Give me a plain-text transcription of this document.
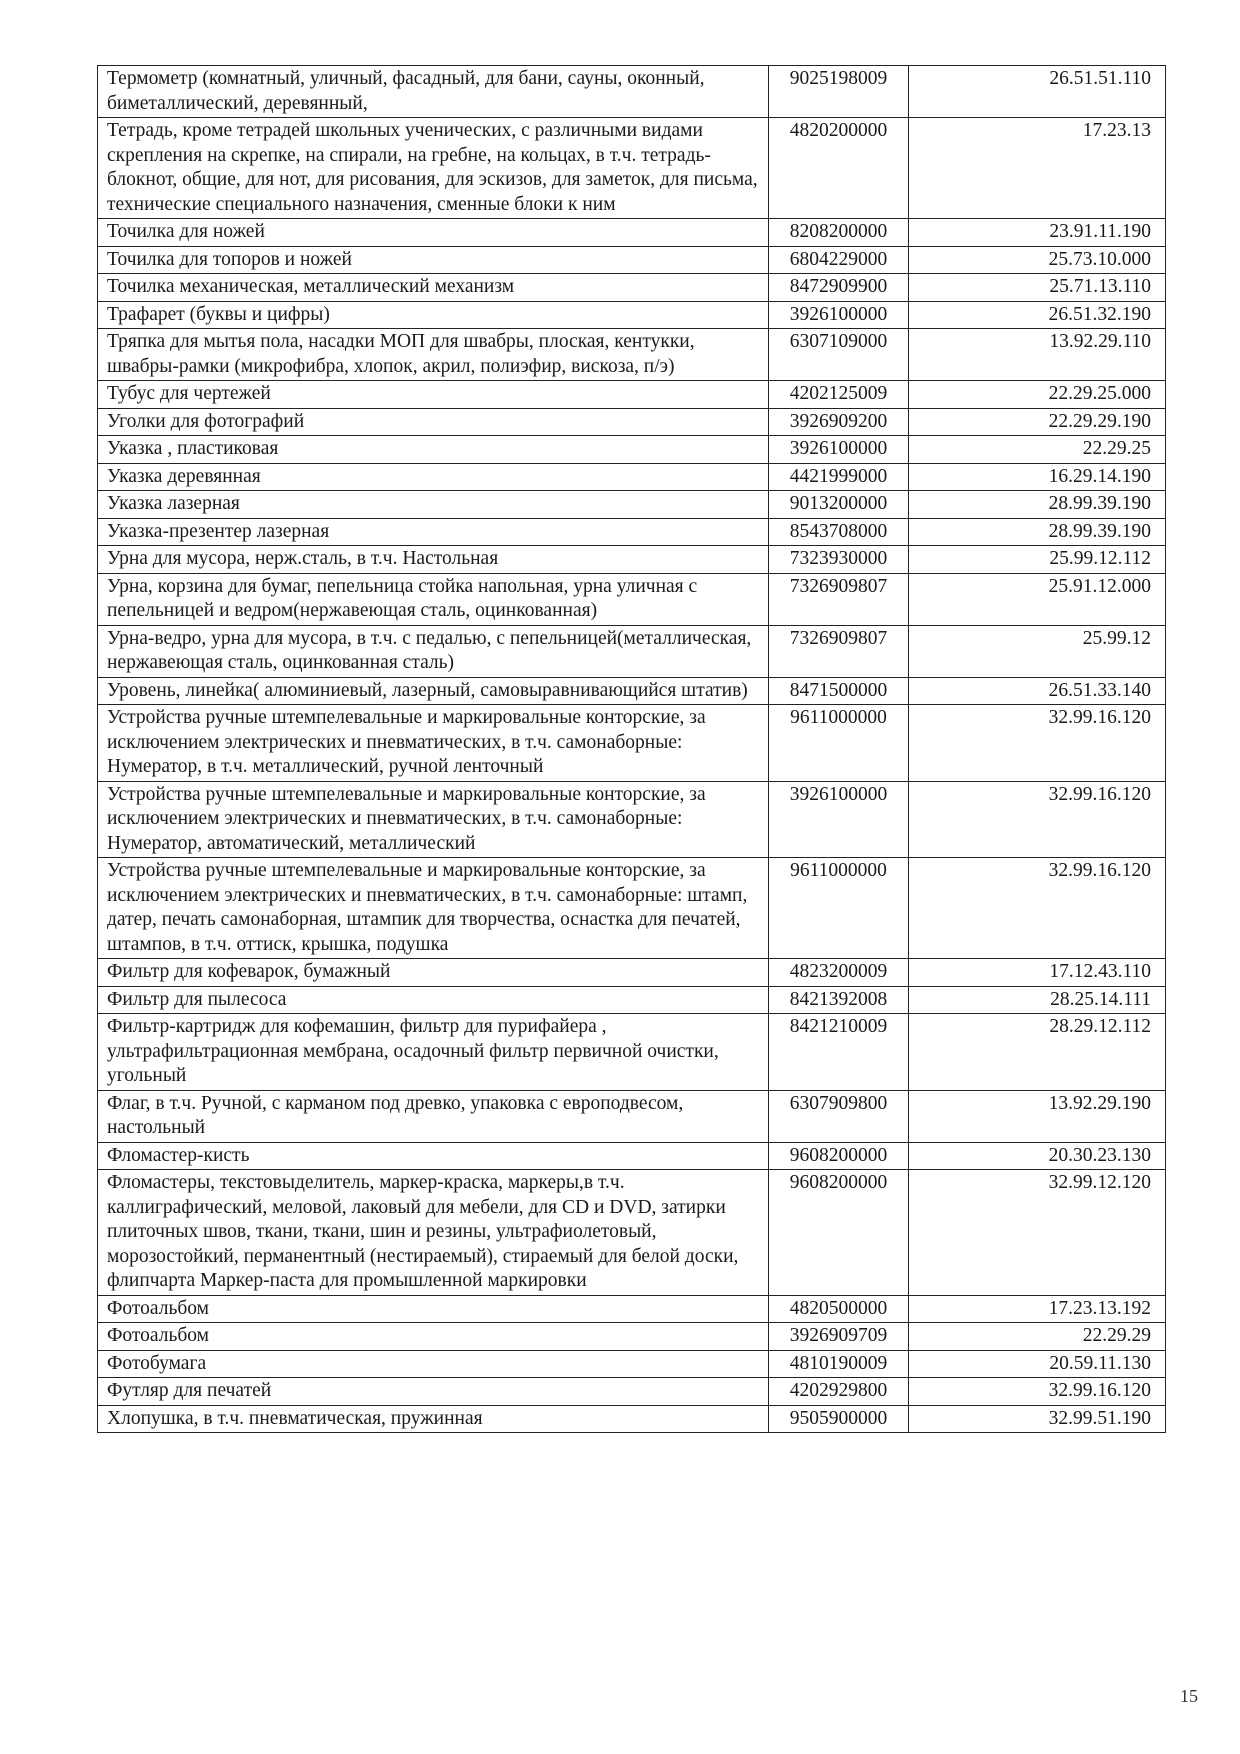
Термометр (комнатный, уличный, фасадный, для бани, сауны, оконный, биметаллический, деревянный,	9025198009	26.51.51.110
Тетрадь, кроме тетрадей школьных ученических, с различными видами скрепления на скрепке, на спирали, на гребне, на кольцах, в т.ч. тетрадь-блокнот, общие, для нот, для рисования, для эскизов, для заметок, для письма, технические специального назначения, сменные блоки к ним	4820200000	17.23.13
Точилка для ножей	8208200000	23.91.11.190
Точилка для топоров и ножей	6804229000	25.73.10.000
Точилка механическая, металлический механизм	8472909900	25.71.13.110
Трафарет (буквы и цифры)	3926100000	26.51.32.190
Тряпка для мытья пола, насадки МОП для швабры, плоская, кентукки, швабры-рамки (микрофибра, хлопок, акрил, полиэфир, вискоза, п/э)	6307109000	13.92.29.110
Тубус для чертежей	4202125009	22.29.25.000
Уголки для фотографий	3926909200	22.29.29.190
Указка , пластиковая	3926100000	22.29.25
Указка деревянная	4421999000	16.29.14.190
Указка лазерная	9013200000	28.99.39.190
Указка-презентер лазерная	8543708000	28.99.39.190
Урна для мусора, нерж.сталь, в т.ч. Настольная	7323930000	25.99.12.112
Урна, корзина для бумаг, пепельница стойка напольная, урна уличная с пепельницей и ведром(нержавеющая сталь, оцинкованная)	7326909807	25.91.12.000
Урна-ведро, урна для мусора, в т.ч. с педалью, с пепельницей(металлическая, нержавеющая сталь, оцинкованная сталь)	7326909807	25.99.12
Уровень, линейка( алюминиевый, лазерный, самовыравнивающийся штатив)	8471500000	26.51.33.140
Устройства ручные штемпелевальные и маркировальные конторские, за исключением электрических и пневматических, в т.ч. самонаборные: Нумератор, в т.ч. металлический, ручной ленточный	9611000000	32.99.16.120
Устройства ручные штемпелевальные и маркировальные конторские, за исключением электрических и пневматических, в т.ч. самонаборные: Нумератор, автоматический, металлический	3926100000	32.99.16.120
Устройства ручные штемпелевальные и маркировальные конторские, за исключением электрических и пневматических, в т.ч. самонаборные: штамп, датер, печать самонаборная, штампик для творчества, оснастка для печатей, штампов, в т.ч. оттиск, крышка, подушка	9611000000	32.99.16.120
Фильтр для кофеварок, бумажный	4823200009	17.12.43.110
Фильтр для пылесоса	8421392008	28.25.14.111
Фильтр-картридж для кофемашин, фильтр для пурифайера , ультрафильтрационная мембрана, осадочный фильтр первичной очистки, угольный	8421210009	28.29.12.112
Флаг, в т.ч. Ручной, с карманом под древко, упаковка с европодвесом, настольный	6307909800	13.92.29.190
Фломастер-кисть	9608200000	20.30.23.130
Фломастеры, текстовыделитель, маркер-краска, маркеры,в т.ч. каллиграфический, меловой, лаковый для мебели, для CD и DVD, затирки плиточных швов, ткани, ткани, шин и резины, ультрафиолетовый, морозостойкий, перманентный (нестираемый), стираемый для белой доски, флипчарта Маркер-паста для промышленной маркировки	9608200000	32.99.12.120
Фотоальбом	4820500000	17.23.13.192
Фотоальбом	3926909709	22.29.29
Фотобумага	4810190009	20.59.11.130
Футляр для печатей	4202929800	32.99.16.120
Хлопушка, в т.ч. пневматическая, пружинная	9505900000	32.99.51.190
15
